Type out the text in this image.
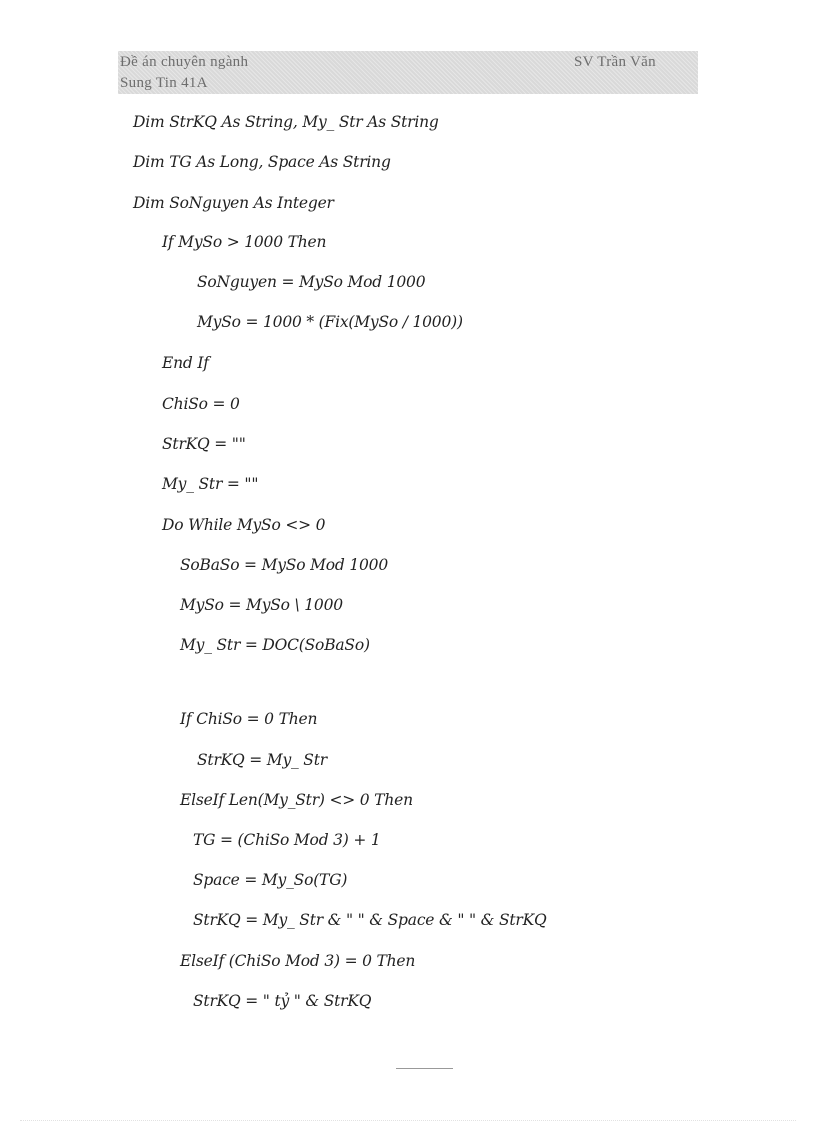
Đề án chuyên ngành	SV Trần Văn
Sung Tin 41A
Dim StrKQ As String, My_ Str As String
Dim TG As Long, Space As String
Dim SoNguyen As Integer
If MySo > 1000 Then
SoNguyen = MySo Mod 1000
MySo = 1000 * (Fix(MySo / 1000))
End If
ChiSo = 0
StrKQ = ""
My_ Str = ""
Do While MySo <> 0
SoBaSo = MySo Mod 1000
MySo = MySo \ 1000
My_ Str = DOC(SoBaSo)
If ChiSo = 0 Then
StrKQ = My_ Str
ElseIf Len(My_Str) <> 0 Then
TG = (ChiSo Mod 3) + 1
Space = My_So(TG)
StrKQ = My_ Str & " " & Space & " " & StrKQ
ElseIf (ChiSo Mod 3) = 0 Then
StrKQ = " tỷ " & StrKQ
